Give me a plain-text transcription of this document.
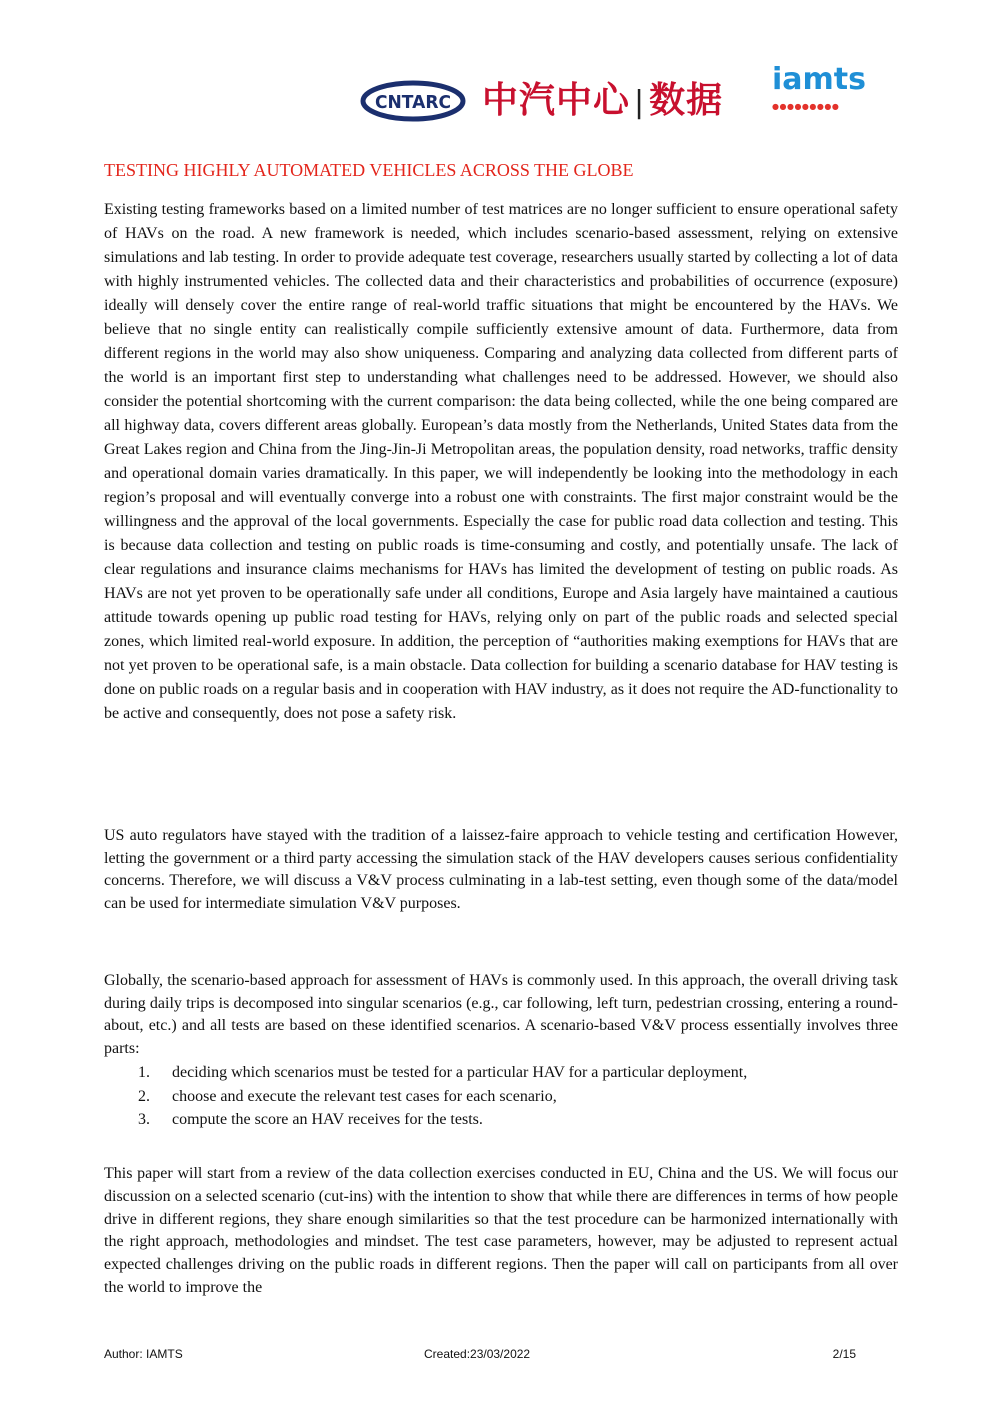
CNTARC 中汽中心 | 数据
iamts
●●●●●●●●●
TESTING HIGHLY AUTOMATED VEHICLES ACROSS THE GLOBE

Existing testing frameworks based on a limited number of test matrices are no longer sufficient to ensure operational safety of HAVs on the road. A new framework is needed, which includes scenario-based assessment, relying on extensive simulations and lab testing. In order to provide adequate test coverage, researchers usually started by collecting a lot of data with highly instrumented vehicles. The collected data and their characteristics and probabilities of occurrence (exposure) ideally will densely cover the entire range of real-world traffic situations that might be encountered by the HAVs. We believe that no single entity can realistically compile sufficiently extensive amount of data. Furthermore, data from different regions in the world may also show uniqueness. Comparing and analyzing data collected from different parts of the world is an important first step to understanding what challenges need to be addressed. However, we should also consider the potential shortcoming with the current comparison: the data being collected, while the one being compared are all highway data, covers different areas globally. European’s data mostly from the Netherlands, United States data from the Great Lakes region and China from the Jing-Jin-Ji Metropolitan areas, the population density, road networks, traffic density and operational domain varies dramatically. In this paper, we will independently be looking into the methodology in each region’s proposal and will eventually converge into a robust one with constraints. The first major constraint would be the willingness and the approval of the local governments. Especially the case for public road data collection and testing. This is because data collection and testing on public roads is time-consuming and costly, and potentially unsafe. The lack of clear regulations and insurance claims mechanisms for HAVs has limited the development of testing on public roads. As HAVs are not yet proven to be operationally safe under all conditions, Europe and Asia largely have maintained a cautious attitude towards opening up public road testing for HAVs, relying only on part of the public roads and selected special zones, which limited real-world exposure. In addition, the perception of “authorities making exemptions for HAVs that are not yet proven to be operational safe, is a main obstacle. Data collection for building a scenario database for HAV testing is done on public roads on a regular basis and in cooperation with HAV industry, as it does not require the AD-functionality to be active and consequently, does not pose a safety risk.

US auto regulators have stayed with the tradition of a laissez-faire approach to vehicle testing and certification However, letting the government or a third party accessing the simulation stack of the HAV developers causes serious confidentiality concerns. Therefore, we will discuss a V&V process culminating in a lab-test setting, even though some of the data/model can be used for intermediate simulation V&V purposes.

Globally, the scenario-based approach for assessment of HAVs is commonly used. In this approach, the overall driving task during daily trips is decomposed into singular scenarios (e.g., car following, left turn, pedestrian crossing, entering a round-about, etc.) and all tests are based on these identified scenarios. A scenario-based V&V process essentially involves three parts:

1.	deciding which scenarios must be tested for a particular HAV for a particular deployment,
2.	choose and execute the relevant test cases for each scenario,
3.	compute the score an HAV receives for the tests.

This paper will start from a review of the data collection exercises conducted in EU, China and the US. We will focus our discussion on a selected scenario (cut-ins) with the intention to show that while there are differences in terms of how people drive in different regions, they share enough similarities so that the test procedure can be harmonized internationally with the right approach, methodologies and mindset. The test case parameters, however, may be adjusted to represent actual expected challenges driving on the public roads in different regions. Then the paper will call on participants from all over the world to improve the

Author: IAMTS	Created:23/03/2022	2/15
